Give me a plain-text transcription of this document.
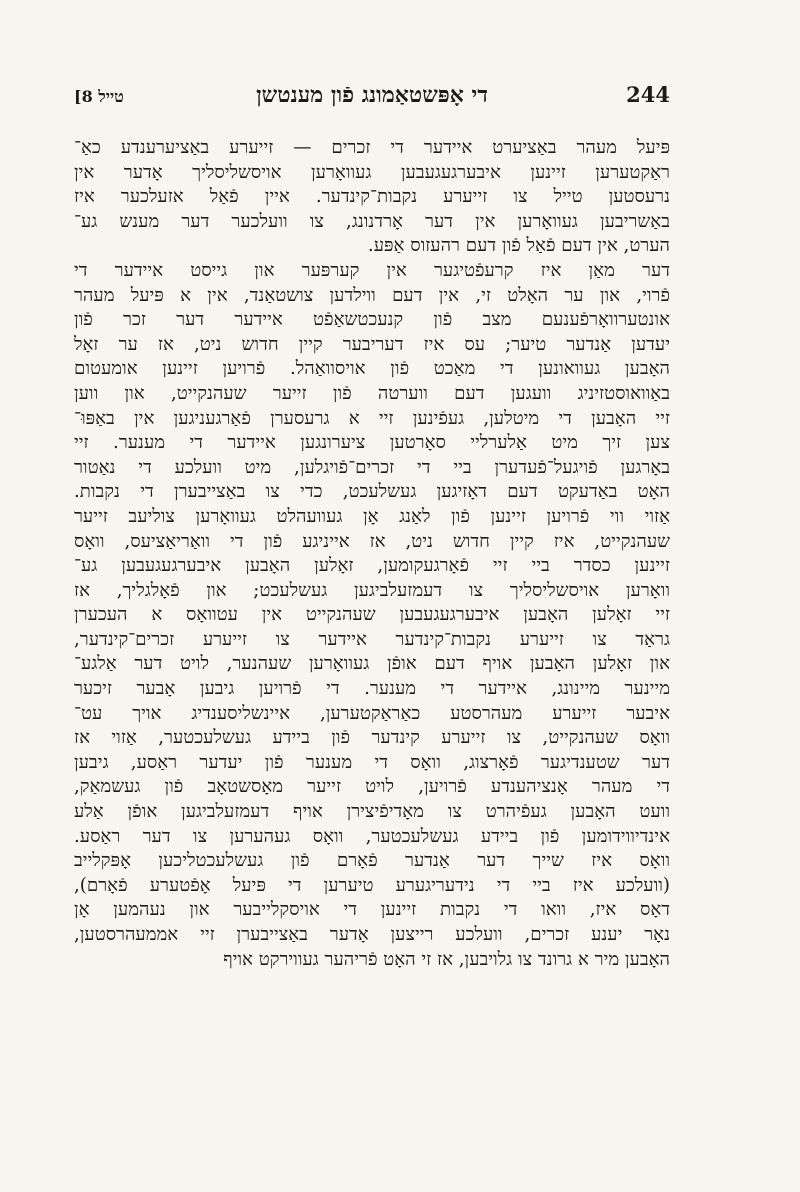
[טייל 8	די אָפּשטאַמונג פֿון מענטשן	244
פּיעל מעהר באַציערט איידער די זכרים — זייערע באַציערענדע כאַ־
ראַקטערען זיינען איבערגעגעבען געוואָרען אויסשליסליך אָדער אין
נרעסטען טייל צו זייערע נקבות־קינדער. איין פֿאַל אזעלכער איז
באַשריבען געוואָרען אין דער אָרדנונג, צו וועלכער דער מענש גע־
הערט, אין דעם פֿאַל פֿון דעם רהעזוס אַפּע.
דער מאַן איז קרעפֿטיגער אין קערפּער און גייסט איידער די
פֿרוי, און ער האָלט זי, אין דעם ווילדען צושטאַנד, אין א פּיעל מעהר
אונטערוואָרפֿענעם מצב פֿון קנעכטשאַפֿט איידער דער זכר פֿון
יעדען אַנדער טיער; עס איז דעריבער קיין חדוש ניט, אז ער זאָל
האָבען געוואונען די מאַכט פֿון אויסוואַהל. פֿרויען זיינען אומעטום
באַוואוסטזיניג וועגען דעם ווערטה פֿון זייער שעהנקייט, און ווען
זיי האָבען די מיטלען, געפֿינען זיי א גרעסערן פֿאַרגעניגען אין באַפּוּ־
צען זיך מיט אַלערליי סאָרטען ציערונגען איידער די מענער. זיי
באָרגען פֿויגעל־פֿעדערן ביי די זכרים־פֿויגלען, מיט וועלכע די נאַטור
האָט באַדעקט דעם דאָזיגען געשלעכט, כדי צו באַצייבערן די נקבות.
אַזוי ווי פֿרויען זיינען פֿון לאַנג אָן געוועהלט געוואָרען צוליעב זייער
שעהנקייט, איז קיין חדוש ניט, אז אייניגע פֿון די וואַריאַציעס, וואָס
זיינען כסדר ביי זיי פֿאָרגעקומען, זאָלען האָבען איבערגעגעבען גע־
וואָרען אויסשליסליך צו דעמזעלביגען געשלעכט; און פֿאָלגליך, אז
זיי זאָלען האָבען איבערגעגעבען שעהנקייט אין עטוואָס א העכערן
גראַד צו זייערע נקבות־קינדער איידער צו זייערע זכרים־קינדער,
און זאָלען האָבען אויף דעם אופֿן געוואָרען שעהנער, לויט דער אַלגע־
מיינער מיינונג, איידער די מענער. די פֿרויען גיבען אָבער זיכער
איבער זייערע מעהרסטע כאַראַקטערען, איינשליסענדיג אויך עט־
וואָס שעהנקייט, צו זייערע קינדער פֿון ביידע געשלעכטער, אַזוי אז
דער שטענדיגער פֿאָרצוג, וואָס די מענער פֿון יעדער ראַסע, גיבען
די מעהר אָנציהענדע פֿרויען, לויט זייער מאָסשטאָב פֿון געשמאַק,
וועט האָבען געפֿיהרט צו מאָדיפֿיצירן אויף דעמזעלביגען אופֿן אַלע
אינדיווידומען פֿון ביידע געשלעכטער, וואָס געהערען צו דער ראַסע.
וואָס איז שייך דער אַנדער פֿאָרם פֿון געשלעכטליכען אָפּקלייב
(וועלכע איז ביי די נידעריגערע טיערען די פּיעל אָפֿטערע פֿאָרם),
דאָס איז, וואו די נקבות זיינען די אויסקלייבער און נעהמען אָן
נאָר יענע זכרים, וועלכע רייצען אָדער באַצייבערן זיי אממעהרסטען,
האָבען מיר א גרונד צו גלויבען, אז זי האָט פֿריהער געווירקט אויף
